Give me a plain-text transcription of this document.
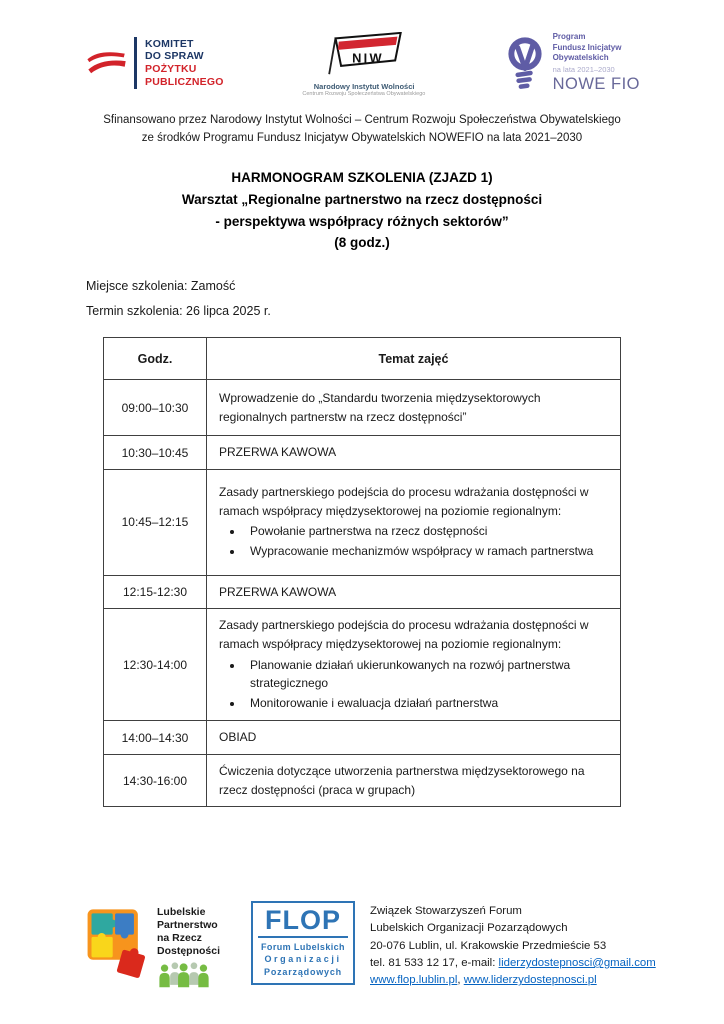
KOMITET
DO SPRAW
POŻYTKU
PUBLICZNEGO
NIW
Narodowy Instytut Wolności
Centrum Rozwoju Społeczeństwa Obywatelskiego
Program
Fundusz Inicjatyw
Obywatelskich
na lata 2021–2030
NOWE FIO
Sfinansowano przez Narodowy Instytut Wolności – Centrum Rozwoju Społeczeństwa Obywatelskiego
ze środków Programu Fundusz Inicjatyw Obywatelskich NOWEFIO na lata 2021–2030
HARMONOGRAM SZKOLENIA (ZJAZD 1)
Warsztat „Regionalne partnerstwo na rzecz dostępności
- perspektywa współpracy różnych sektorów”
(8 godz.)

Miejsce szkolenia: Zamość

Termin szkolenia: 26 lipca 2025 r.

Godz.	Temat zajęć
09:00–10:30	Wprowadzenie do „Standardu tworzenia międzysektorowych regionalnych partnerstw na rzecz dostępności”

10:30–10:45	PRZERWA KAWOWA

10:45–12:15	
Zasady partnerskiego podejścia do procesu wdrażania dostępności w ramach współpracy międzysektorowej na poziomie regionalnym:
• Powołanie partnerstwa na rzecz dostępności
• Wypracowanie mechanizmów współpracy w ramach partnerstwa

12:15-12:30	PRZERWA KAWOWA

12:30-14:00	
Zasady partnerskiego podejścia do procesu wdrażania dostępności w ramach współpracy międzysektorowej na poziomie regionalnym:
• Planowanie działań ukierunkowanych na rozwój partnerstwa strategicznego
• Monitorowanie i ewaluacja działań partnerstwa

14:00–14:30	OBIAD

14:30-16:00	Ćwiczenia dotyczące utworzenia partnerstwa międzysektorowego na rzecz dostępności (praca w grupach)
Lubelskie
Partnerstwo
na Rzecz
Dostępności
FLOP
Forum Lubelskich
Organizacji
Pozarządowych
Związek Stowarzyszeń Forum
Lubelskich Organizacji Pozarządowych
20-076 Lublin, ul. Krakowskie Przedmieście 53
tel. 81 533 12 17, e-mail: liderzydostepnosci@gmail.com
www.flop.lublin.pl, www.liderzydostepnosci.pl
